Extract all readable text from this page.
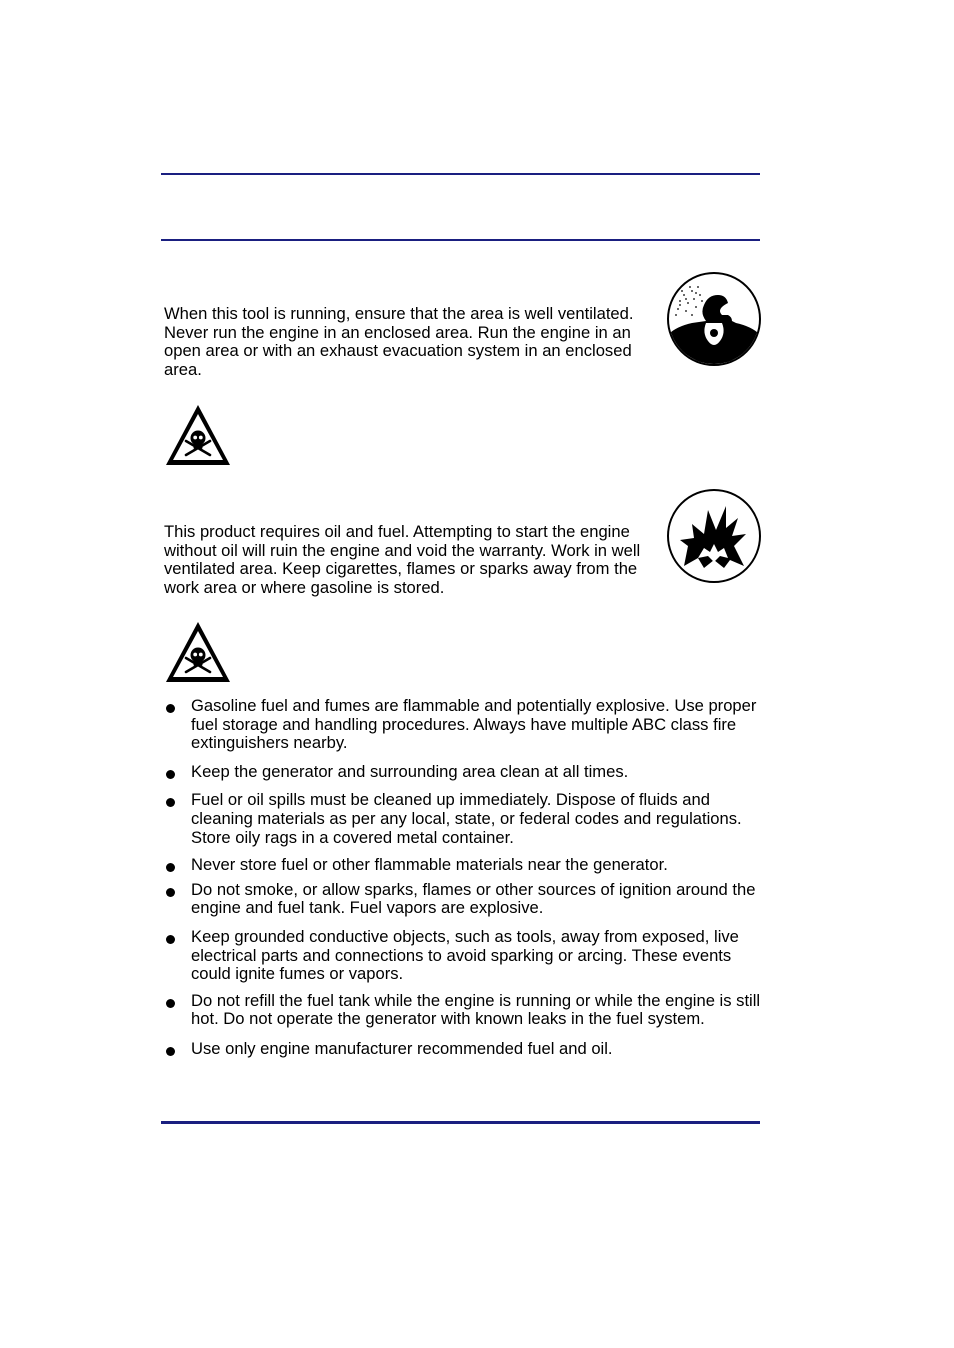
When this tool is running, ensure that the area is well ventilated. Never run the engine in an enclosed area. Run the engine in an open area or with an exhaust evacuation system in an enclosed area.

This product requires oil and fuel. Attempting to start the engine without oil will ruin the engine and void the warranty. Work in well ventilated area. Keep cigarettes, flames or sparks away from the work area or where gasoline is stored.

Gasoline fuel and fumes are flammable and potentially explosive. Use proper fuel storage and handling procedures. Always have multiple ABC class fire extinguishers nearby.
Keep the generator and surrounding area clean at all times.
Fuel or oil spills must be cleaned up immediately. Dispose of fluids and cleaning materials as per any local, state, or federal codes and regulations. Store oily rags in a covered metal container.
Never store fuel or other flammable materials near the generator.
Do not smoke, or allow sparks, flames or other sources of ignition around the engine and fuel tank. Fuel vapors are explosive.
Keep grounded conductive objects, such as tools, away from exposed, live electrical parts and connections to avoid sparking or arcing. These events could ignite fumes or vapors.
Do not refill the fuel tank while the engine is running or while the engine is still hot. Do not operate the generator with known leaks in the fuel system.
Use only engine manufacturer recommended fuel and oil.
